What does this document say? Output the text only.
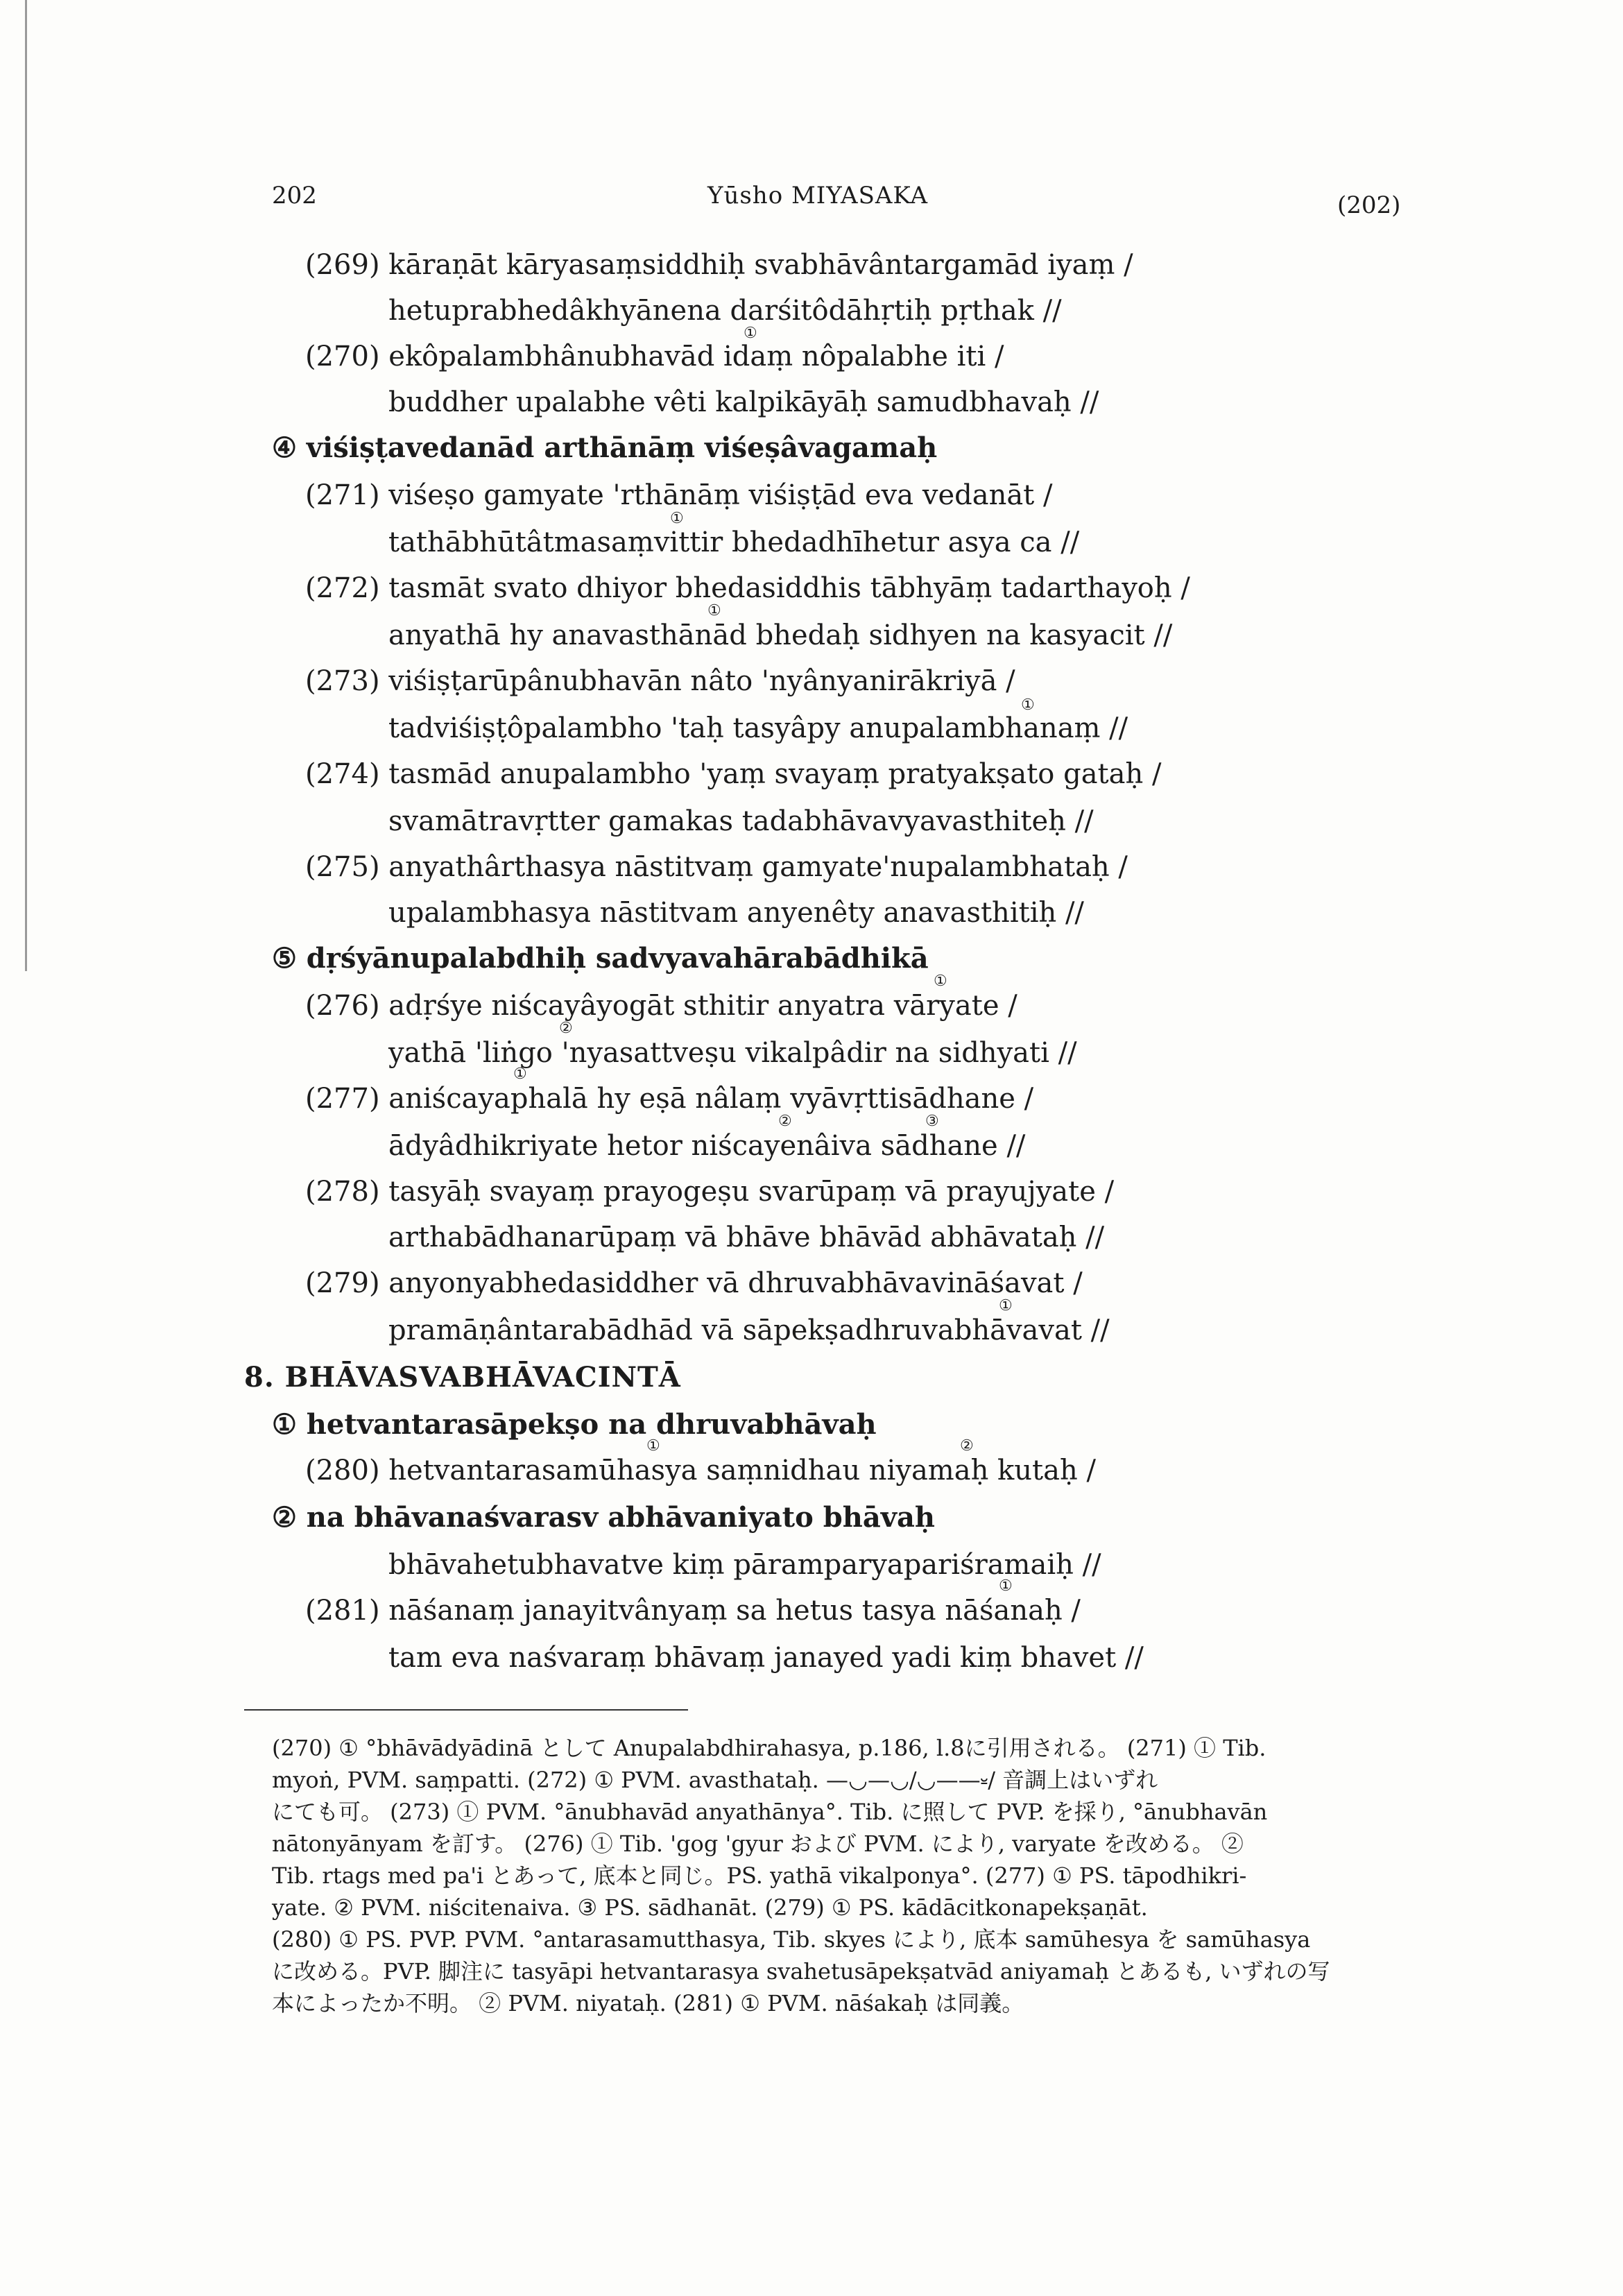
202	Yūsho MIYASAKA	(202)
(269) kāraṇāt kāryasaṃsiddhiḥ svabhāvântargamād iyaṃ /
hetuprabhedâkhyānena darśitôdāhṛtiḥ pṛthak //
(270) ekôpalambhânubhavād idaṃ nôpalabhe iti /
buddher upalabhe vêti kalpikāyāḥ samudbhavaḥ //
④ viśiṣṭavedanād arthānāṃ viśeṣâvagamaḥ
(271) viśeṣo gamyate 'rthānāṃ viśiṣṭād eva vedanāt /
tathābhūtâtmasaṃvittir bhedadhīhetur asya ca //
(272) tasmāt svato dhiyor bhedasiddhis tābhyāṃ tadarthayoḥ /
anyathā hy anavasthānād bhedaḥ sidhyen na kasyacit //
(273) viśiṣṭarūpânubhavān nâto 'nyânyanirākriyā /
tadviśiṣṭôpalambho 'taḥ tasyâpy anupalambhanaṃ //
(274) tasmād anupalambho 'yaṃ svayaṃ pratyakṣato gataḥ /
svamātravṛtter gamakas tadabhāvavyavasthiteḥ //
(275) anyathârthasya nāstitvaṃ gamyate'nupalambhataḥ /
upalambhasya nāstitvam anyenêty anavasthitiḥ //
⑤ dṛśyānupalabdhiḥ sadvyavahārabādhikā
(276) adṛśye niścayâyogāt sthitir anyatra vāryate /
yathā 'liṅgo 'nyasattveṣu vikalpâdir na sidhyati //
(277) aniścayaphalā hy eṣā nâlaṃ vyāvṛttisādhane /
ādyâdhikriyate hetor niścayenâiva sādhane //
(278) tasyāḥ svayaṃ prayogeṣu svarūpaṃ vā prayujyate /
arthabādhanarūpaṃ vā bhāve bhāvād abhāvataḥ //
(279) anyonyabhedasiddher vā dhruvabhāvavināśavat /
pramāṇântarabādhād vā sāpekṣadhruvabhāvavat //
8. BHĀVASVABHĀVACINTĀ
① hetvantarasāpekṣo na dhruvabhāvaḥ
(280) hetvantarasamūhasya saṃnidhau niyamaḥ kutaḥ /
② na bhāvanaśvarasv abhāvaniyato bhāvaḥ
bhāvahetubhavatve kiṃ pāramparyapariśramaiḥ //
(281) nāśanaṃ janayitvânyaṃ sa hetus tasya nāśanaḥ /
tam eva naśvaraṃ bhāvaṃ janayed yadi kiṃ bhavet //
①
①
①
①
①
②
①
②	③
①
①	②
①
(270) ① °bhāvādyādinā として Anupalabdhirahasya, p.186, l.8に引用される。 (271) ① Tib.
myoṅ, PVM. saṃpatti. (272) ① PVM. avasthataḥ. —◡—◡/◡——⏓/ 音調上はいずれ
にても可。 (273) ① PVM. °ānubhavād anyathānya°. Tib. に照して PVP. を採り, °ānubhavān
nātonyānyam を訂す。 (276) ① Tib. 'gog 'gyur および PVM. により, varyate を改める。 ②
Tib. rtags med pa'i とあって, 底本と同じ。PS. yathā vikalponya°. (277) ① PS. tāpodhikri-
yate. ② PVM. niścitenaiva. ③ PS. sādhanāt. (279) ① PS. kādācitkonapekṣaṇāt.
(280) ① PS. PVP. PVM. °antarasamutthasya, Tib. skyes により, 底本 samūhesya を samūhasya
に改める。PVP. 脚注に tasyāpi hetvantarasya svahetusāpekṣatvād aniyamaḥ とあるも, いずれの写
本によったか不明。 ② PVM. niyataḥ. (281) ① PVM. nāśakaḥ は同義。
